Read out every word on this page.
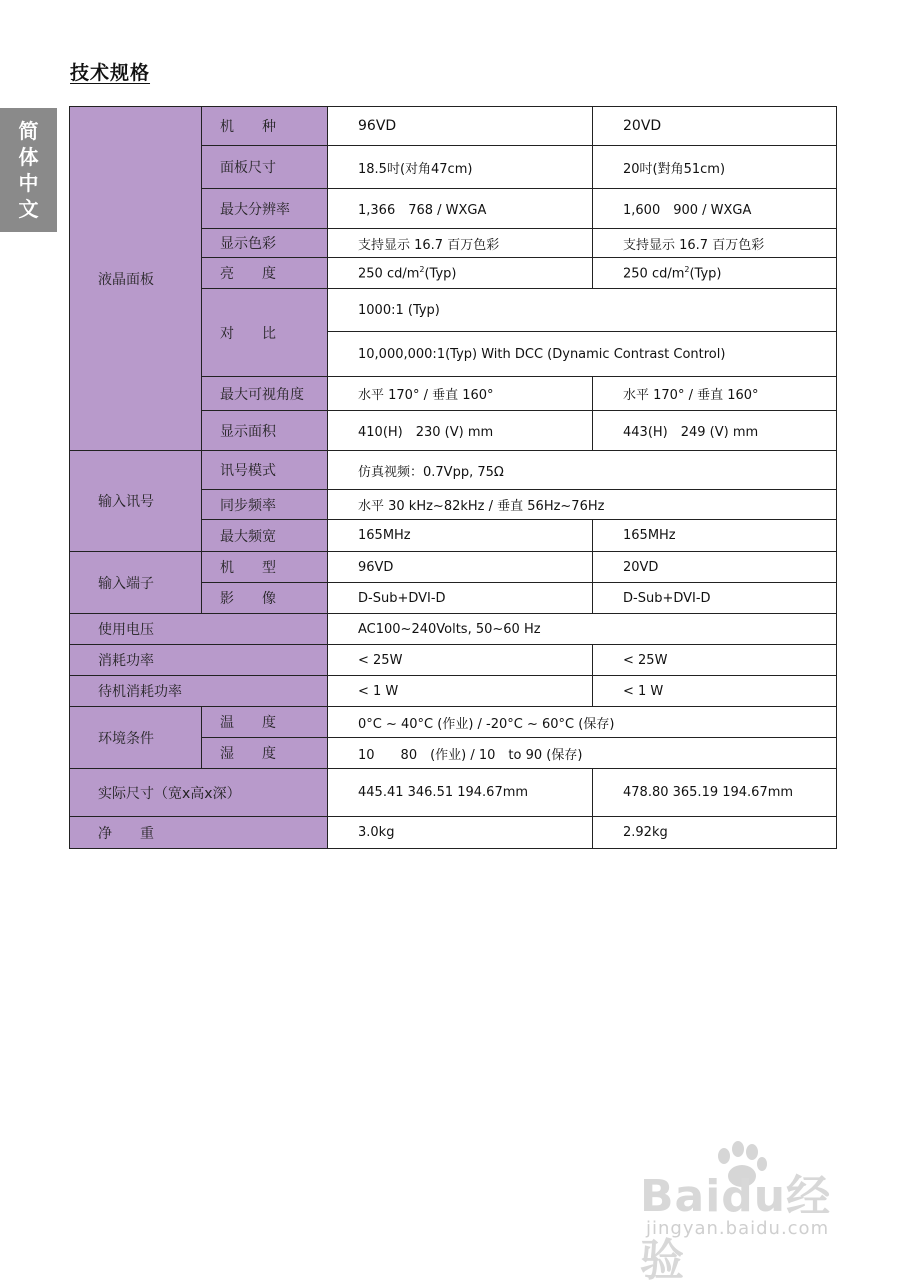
技术规格
简
体
中
文
液晶面板	机　　种	96VD	20VD
	面板尺寸	18.5吋(对角47cm)	20吋(對角51cm)
	最大分辨率	1,366　768 / WXGA	1,600　900 / WXGA
	显示色彩	支持显示 16.7 百万色彩	支持显示 16.7 百万色彩
	亮　　度	250 $cd/m^2(Typ)$	250 $cd/m^2(Typ)$
	对　　比	1000:1 (Typ)	
		10,000,000:1(Typ) With DCC (Dynamic Contrast Control)	
	最大可视角度	水平 170° / 垂直 160°	水平 170° / 垂直 160°
	显示面积	410(H)　230 (V) mm	443(H)　249 (V) mm
输入讯号	讯号模式	仿真视频：0.7Vpp, 75Ω	
	同步频率	水平 30 kHz~82kHz / 垂直 56Hz~76Hz	
	最大频宽	165MHz	165MHz
输入端子	机　　型	96VD	20VD
	影　　像	D-Sub+DVI-D	D-Sub+DVI-D
使用电压		AC100~240Volts, 50~60 Hz	
消耗功率		< 25W	< 25W
待机消耗功率		< 1 W	< 1 W
环境条件	温　　度	0°C ~ 40°C (作业) / -20°C ~ 60°C (保存)	
	湿　　度	10　　80　(作业) / 10　to 90 (保存)	
实际尺寸（宽x高x深）		445.41 346.51 194.67mm	478.80 365.19 194.67mm
净　　重		3.0kg	2.92kg
Baidu经验
jingyan.baidu.com
